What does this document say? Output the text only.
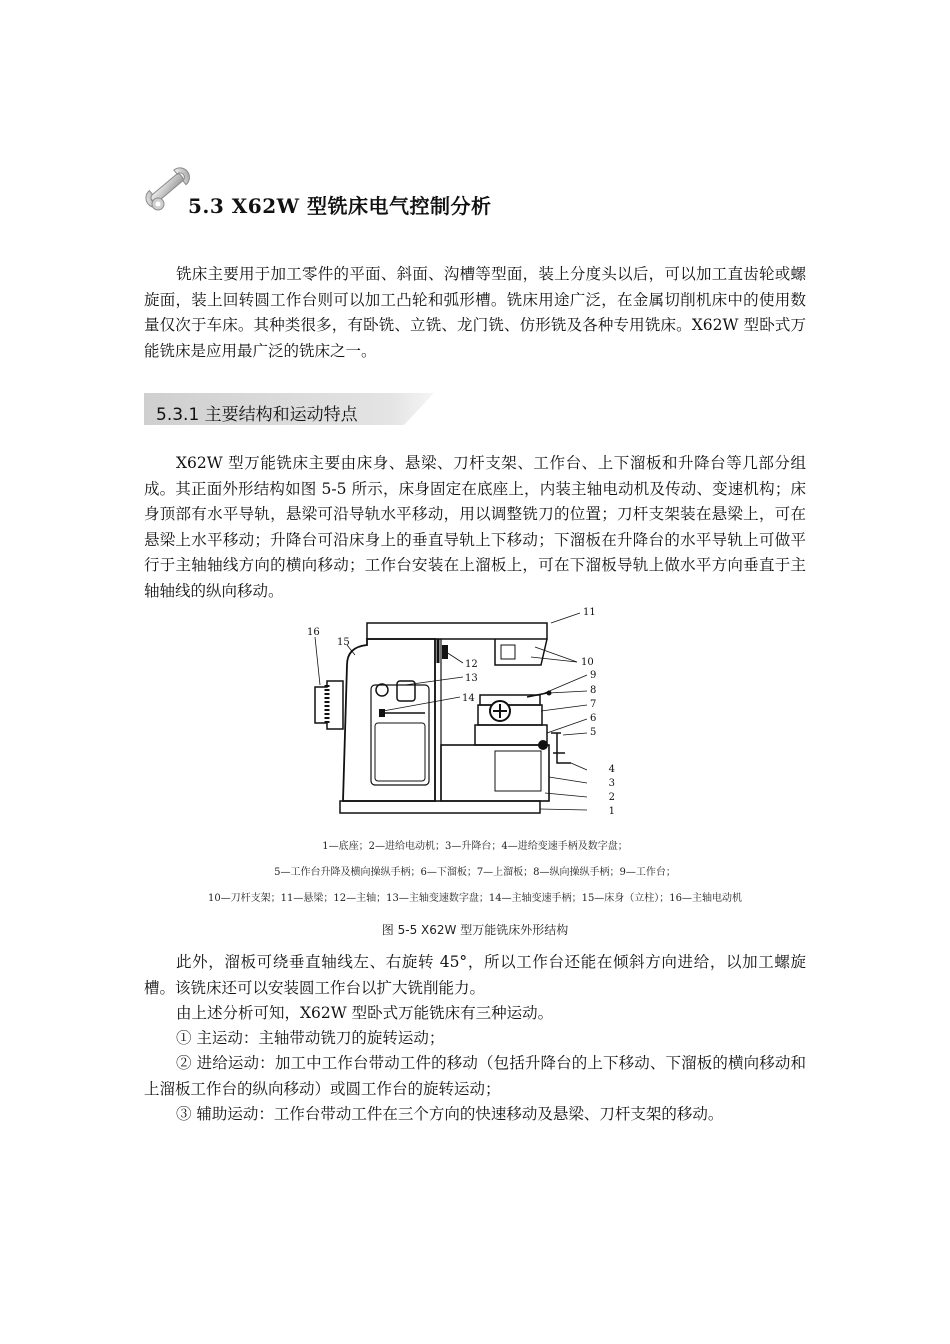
5.3 X62W 型铣床电气控制分析
铣床主要用于加工零件的平面、斜面、沟槽等型面，装上分度头以后，可以加工直齿轮或螺旋面，装上回转圆工作台则可以加工凸轮和弧形槽。铣床用途广泛，在金属切削机床中的使用数量仅次于车床。其种类很多，有卧铣、立铣、龙门铣、仿形铣及各种专用铣床。X62W 型卧式万能铣床是应用最广泛的铣床之一。
5.3.1 主要结构和运动特点
X62W 型万能铣床主要由床身、悬梁、刀杆支架、工作台、上下溜板和升降台等几部分组成。其正面外形结构如图 5-5 所示，床身固定在底座上，内装主轴电动机及传动、变速机构；床身顶部有水平导轨，悬梁可沿导轨水平移动，用以调整铣刀的位置；刀杆支架装在悬梁上，可在悬梁上水平移动；升降台可沿床身上的垂直导轨上下移动；下溜板在升降台的水平导轨上可做平行于主轴轴线方向的横向移动；工作台安装在上溜板上，可在下溜板导轨上做水平方向垂直于主轴轴线的纵向移动。
11
10
12
13
14
15
16
9
8
7
6
5
4
3
2
1
1—底座；2—进给电动机；3—升降台；4—进给变速手柄及数字盘；
5—工作台升降及横向操纵手柄；6—下溜板；7—上溜板；8—纵向操纵手柄；9—工作台；
10—刀杆支架；11—悬梁；12—主轴；13—主轴变速数字盘；14—主轴变速手柄；15—床身（立柱）；16—主轴电动机
图 5-5 X62W 型万能铣床外形结构
此外，溜板可绕垂直轴线左、右旋转 45°，所以工作台还能在倾斜方向进给，以加工螺旋槽。该铣床还可以安装圆工作台以扩大铣削能力。
由上述分析可知，X62W 型卧式万能铣床有三种运动。
① 主运动：主轴带动铣刀的旋转运动；
② 进给运动：加工中工作台带动工件的移动（包括升降台的上下移动、下溜板的横向移动和上溜板工作台的纵向移动）或圆工作台的旋转运动；
③ 辅助运动：工作台带动工件在三个方向的快速移动及悬梁、刀杆支架的移动。
